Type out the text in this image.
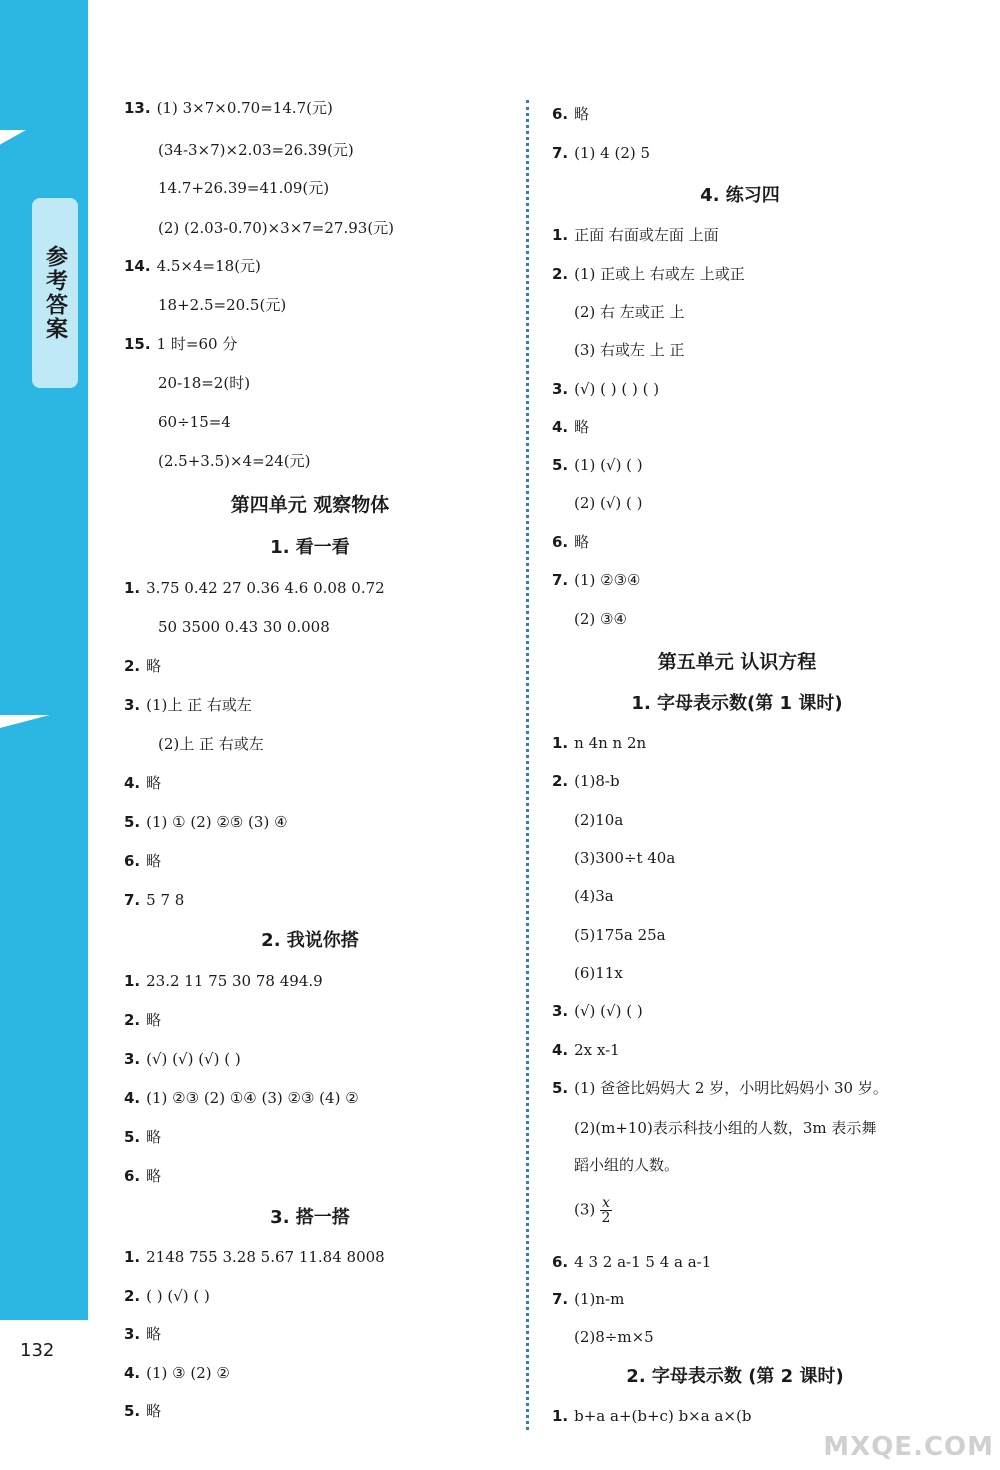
参考答案
132
13. (1) 3×7×0.70=14.7(元)
(34-3×7)×2.03=26.39(元)
14.7+26.39=41.09(元)
(2) (2.03-0.70)×3×7=27.93(元)
14. 4.5×4=18(元)
18+2.5=20.5(元)
15. 1 时=60 分
20-18=2(时)
60÷15=4
(2.5+3.5)×4=24(元)
第四单元 观察物体
1. 看一看
1. 3.75 0.42 27 0.36 4.6 0.08 0.72
50 3500 0.43 30 0.008
2. 略
3. (1)上 正 右或左
(2)上 正 右或左
4. 略
5. (1) ① (2) ②⑤ (3) ④
6. 略
7. 5 7 8
2. 我说你搭
1. 23.2 11 75 30 78 494.9
2. 略
3. (√) (√) (√) ( )
4. (1) ②③ (2) ①④ (3) ②③ (4) ②
5. 略
6. 略
3. 搭一搭
1. 2148 755 3.28 5.67 11.84 8008
2. ( ) (√) ( )
3. 略
4. (1) ③ (2) ②
5. 略
6. 略
7. (1) 4 (2) 5
4. 练习四
1. 正面 右面或左面 上面
2. (1) 正或上 右或左 上或正
(2) 右 左或正 上
(3) 右或左 上 正
3. (√) ( ) ( ) ( )
4. 略
5. (1) (√) ( )
(2) (√) ( )
6. 略
7. (1) ②③④
(2) ③④
第五单元 认识方程
1. 字母表示数(第 1 课时)
1. n 4n n 2n
2. (1)8-b
(2)10a
(3)300÷t 40a
(4)3a
(5)175a 25a
(6)11x
3. (√) (√) ( )
4. 2x x-1
5. (1) 爸爸比妈妈大 2 岁，小明比妈妈小 30 岁。
(2)(m+10)表示科技小组的人数，3m 表示舞
蹈小组的人数。
$(3) \frac{x}{2}$
6. 4 3 2 a-1 5 4 a a-1
7. (1)n-m
(2)8÷m×5
2. 字母表示数 (第 2 课时)
1. b+a a+(b+c) b×a a×(b
MXQE.COM
